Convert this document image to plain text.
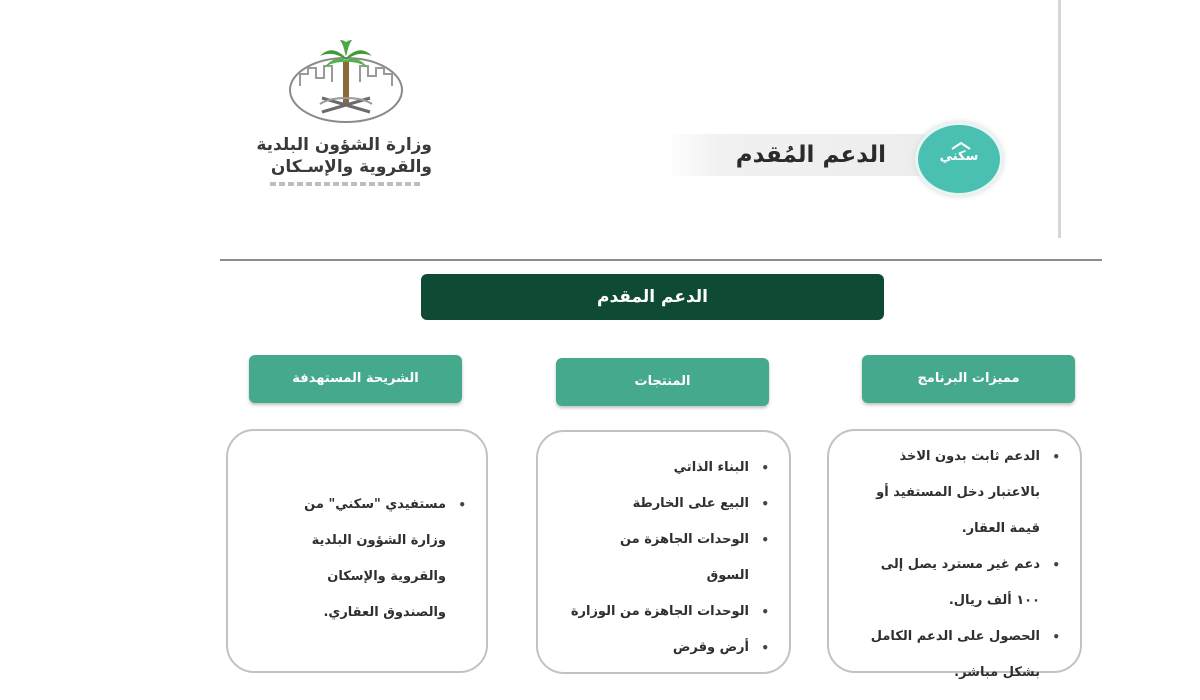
وزارة الشؤون البلدية
والقروية والإسـكان	الدعم المُقدم	سكني
الدعم المقدم
مميزات البرنامج
المنتجات
الشريحة المستهدفة
• الدعم ثابت بدون الاخذ
بالاعتبار دخل المستفيد أو
قيمة العقار.
• دعم غير مسترد يصل إلى
١٠٠ ألف ريال.
• الحصول على الدعم الكامل
بشكل مباشر.
• البناء الذاتي
• البيع على الخارطة
• الوحدات الجاهزة من
السوق
• الوحدات الجاهزة من الوزارة
• أرض وقرض
• مستفيدي "سكني" من
وزارة الشؤون البلدية
والقروية والإسكان
والصندوق العقاري.
